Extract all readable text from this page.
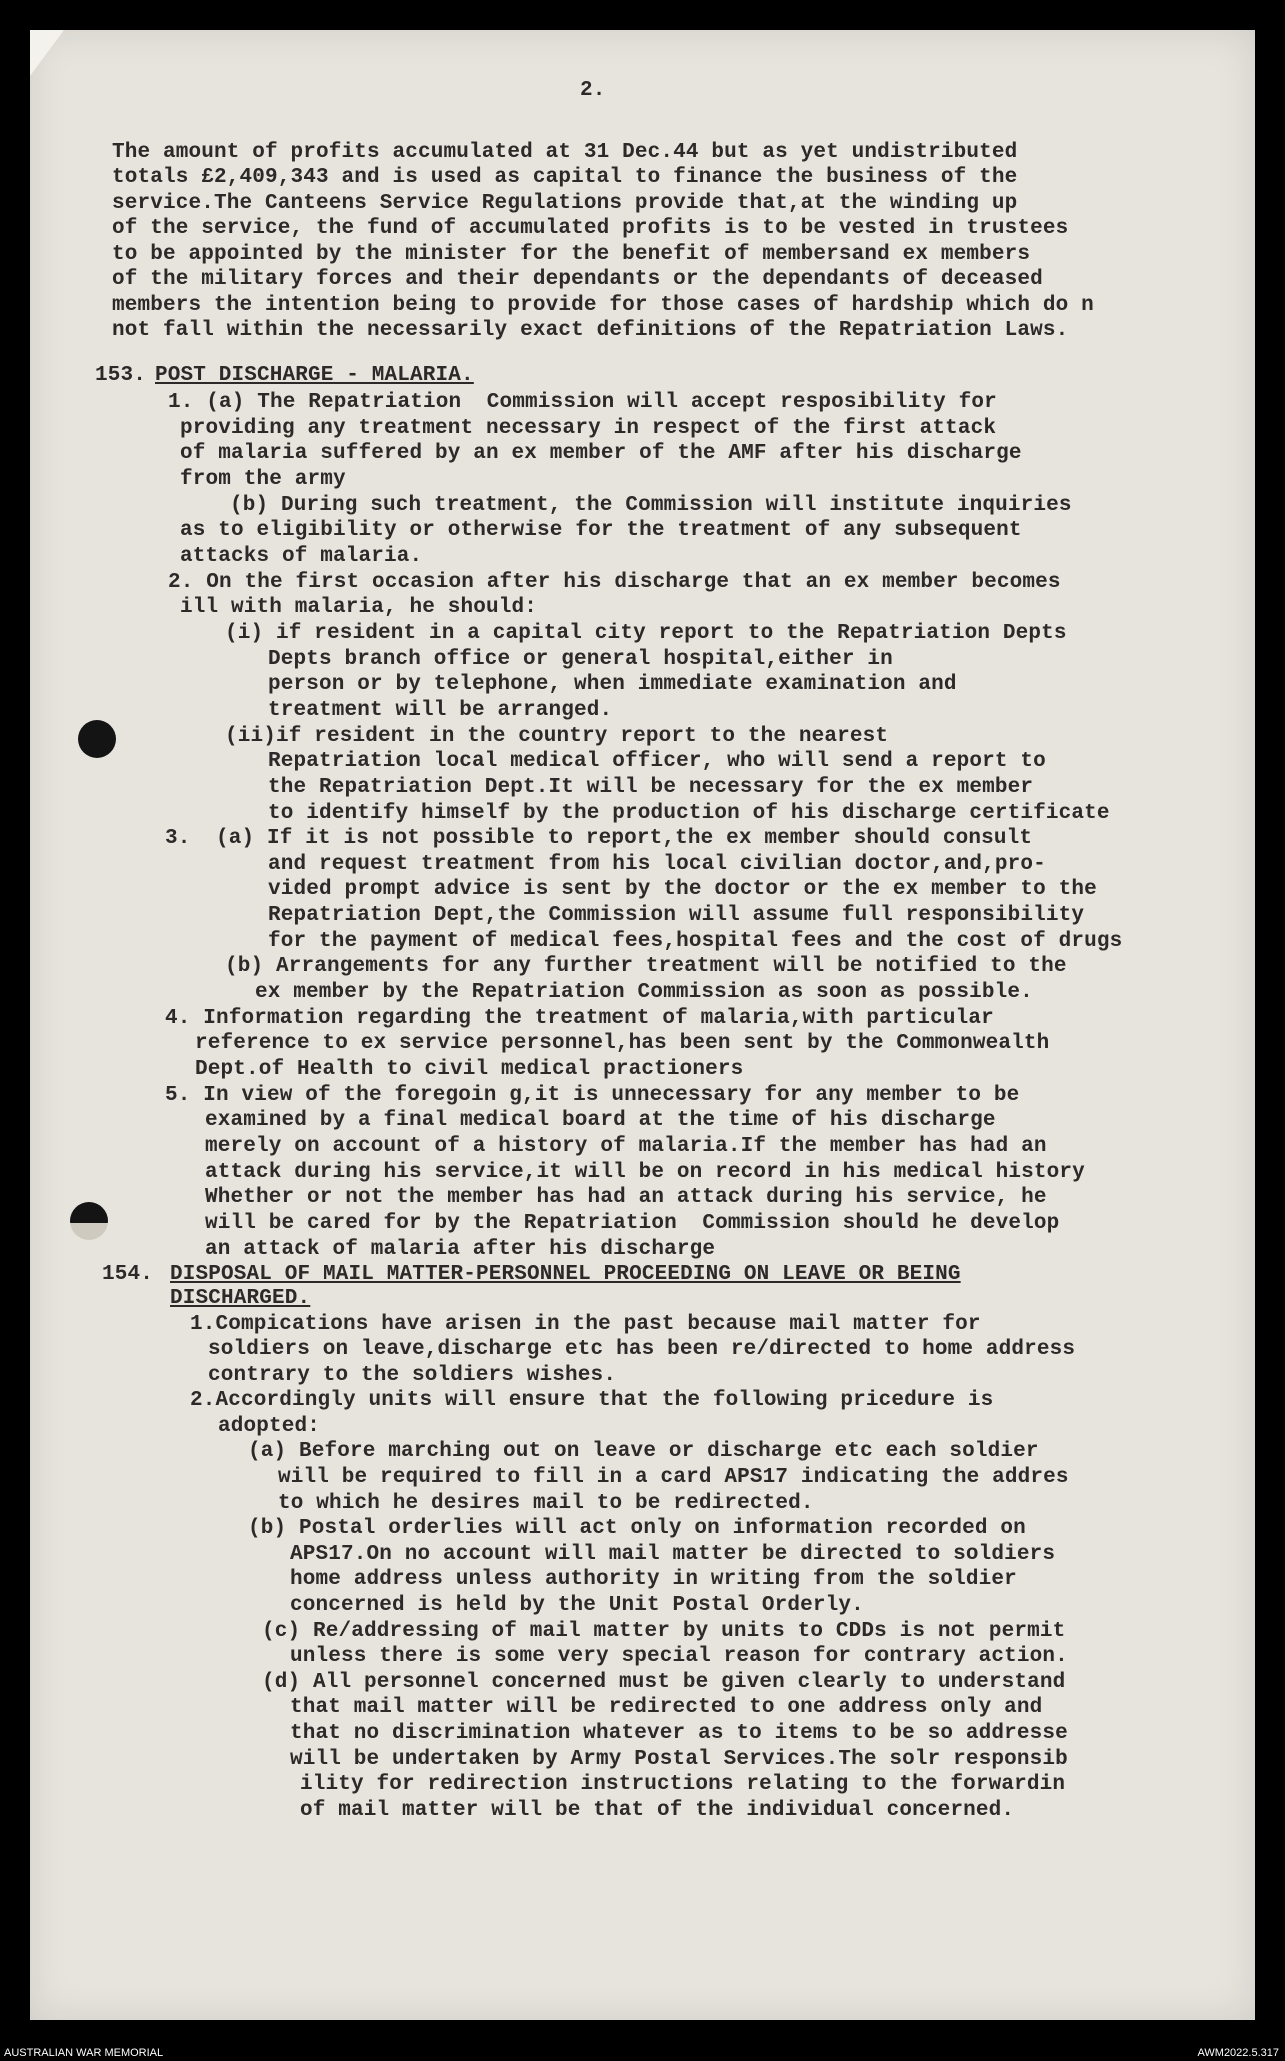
2.
The amount of profits accumulated at 31 Dec.44 but as yet undistributed
totals £2,409,343 and is used as capital to finance the business of the
service.The Canteens Service Regulations provide that,at the winding up
of the service, the fund of accumulated profits is to be vested in trustees
to be appointed by the minister for the benefit of membersand ex members
of the military forces and their dependants or the dependants of deceased
members the intention being to provide for those cases of hardship which do n
not fall within the necessarily exact definitions of the Repatriation Laws.
153. POST DISCHARGE - MALARIA.
1. (a) The Repatriation  Commission will accept resposibility for
providing any treatment necessary in respect of the first attack
of malaria suffered by an ex member of the AMF after his discharge
from the army
(b) During such treatment, the Commission will institute inquiries
as to eligibility or otherwise for the treatment of any subsequent
attacks of malaria.
2. On the first occasion after his discharge that an ex member becomes
ill with malaria, he should:
(i) if resident in a capital city report to the Repatriation Depts
Depts branch office or general hospital,either in
person or by telephone, when immediate examination and
treatment will be arranged.
(ii)if resident in the country report to the nearest
Repatriation local medical officer, who will send a report to
the Repatriation Dept.It will be necessary for the ex member
to identify himself by the production of his discharge certificate
3.  (a) If it is not possible to report,the ex member should consult
and request treatment from his local civilian doctor,and,pro-
vided prompt advice is sent by the doctor or the ex member to the
Repatriation Dept,the Commission will assume full responsibility
for the payment of medical fees,hospital fees and the cost of drugs
(b) Arrangements for any further treatment will be notified to the
ex member by the Repatriation Commission as soon as possible.
4. Information regarding the treatment of malaria,with particular
reference to ex service personnel,has been sent by the Commonwealth
Dept.of Health to civil medical practioners
5. In view of the foregoin g,it is unnecessary for any member to be
examined by a final medical board at the time of his discharge
merely on account of a history of malaria.If the member has had an
attack during his service,it will be on record in his medical history
Whether or not the member has had an attack during his service, he
will be cared for by the Repatriation  Commission should he develop
an attack of malaria after his discharge
154. DISPOSAL OF MAIL MATTER-PERSONNEL PROCEEDING ON LEAVE OR BEING
DISCHARGED.
1.Compications have arisen in the past because mail matter for
soldiers on leave,discharge etc has been re/directed to home address
contrary to the soldiers wishes.
2.Accordingly units will ensure that the following pricedure is
adopted:
(a) Before marching out on leave or discharge etc each soldier
will be required to fill in a card APS17 indicating the addres
to which he desires mail to be redirected.
(b) Postal orderlies will act only on information recorded on
APS17.On no account will mail matter be directed to soldiers
home address unless authority in writing from the soldier
concerned is held by the Unit Postal Orderly.
(c) Re/addressing of mail matter by units to CDDs is not permit
unless there is some very special reason for contrary action.
(d) All personnel concerned must be given clearly to understand
that mail matter will be redirected to one address only and
that no discrimination whatever as to items to be so addresse
will be undertaken by Army Postal Services.The solr responsib
ility for redirection instructions relating to the forwardin
of mail matter will be that of the individual concerned.
AUSTRALIAN WAR MEMORIAL	AWM2022.5.317
